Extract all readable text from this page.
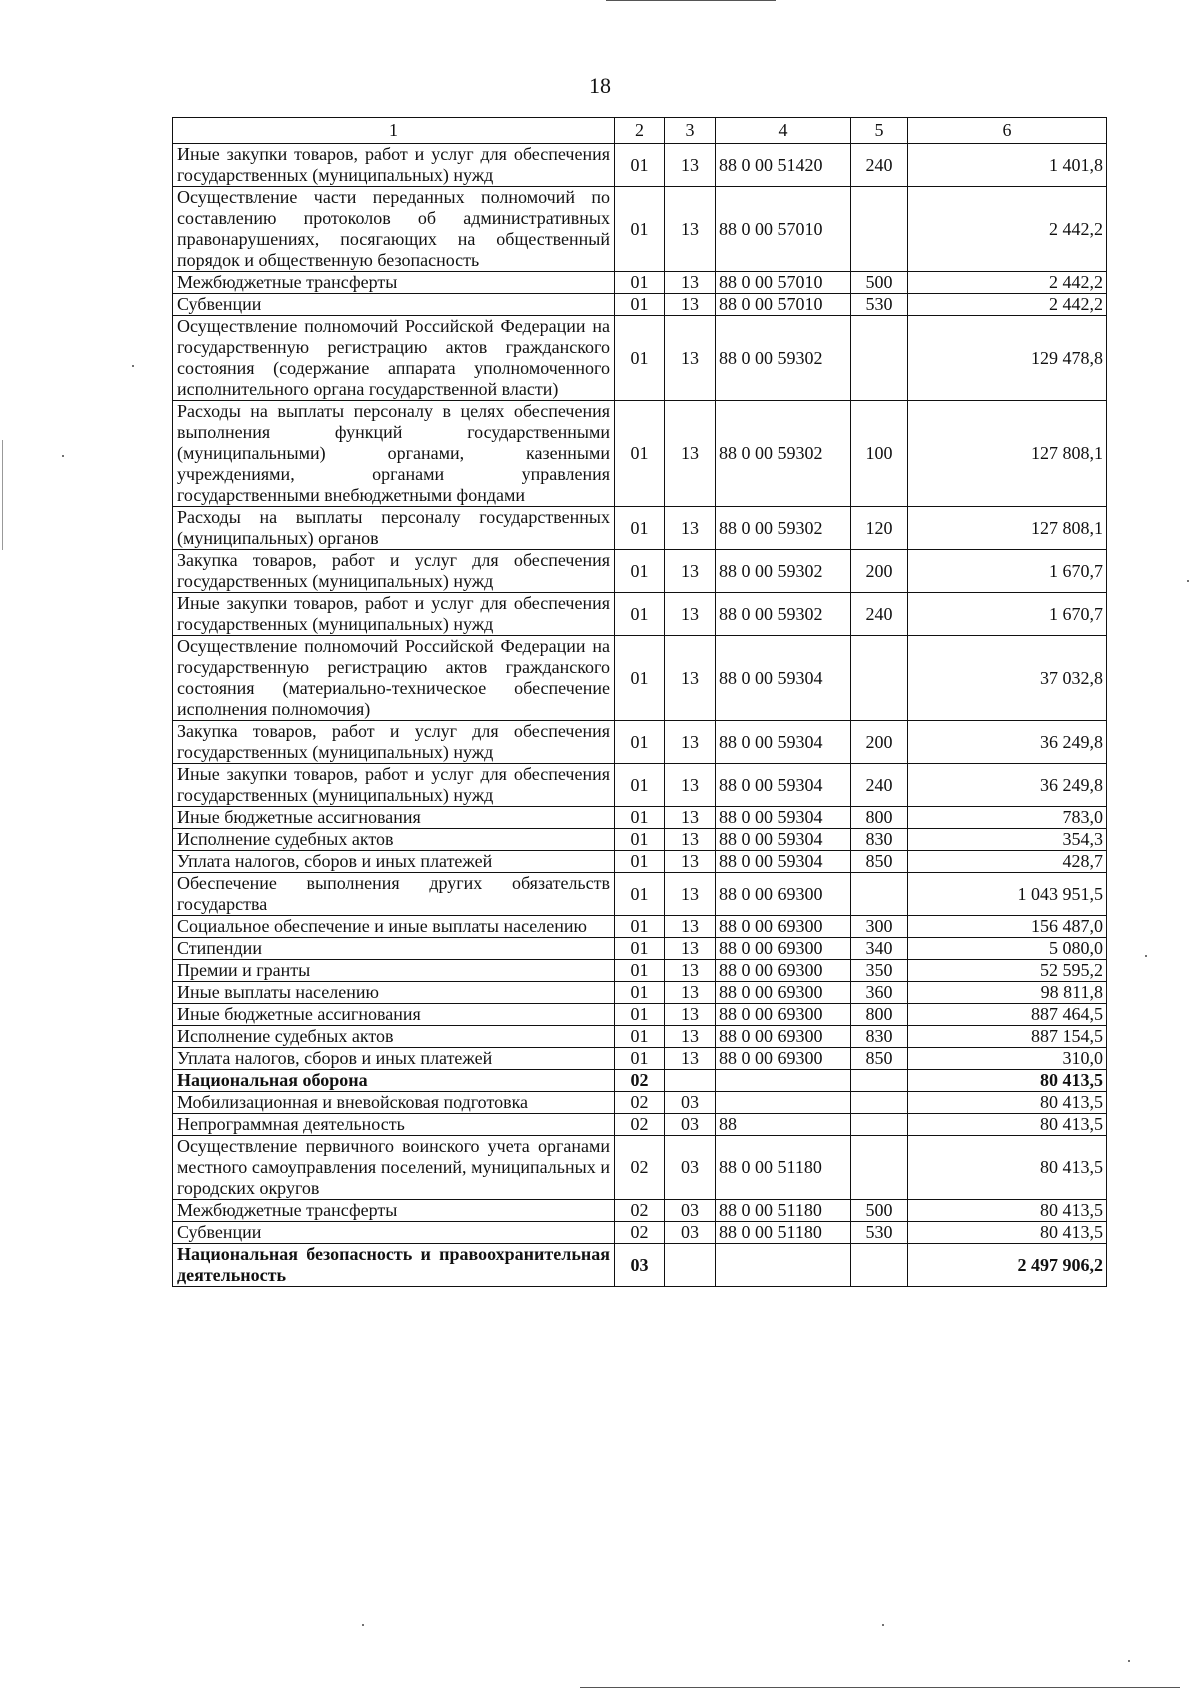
18
1	2	3	4	5	6
Иные закупки товаров, работ и услуг для обеспечения государственных (муниципальных) нужд	01	13	88 0 00 51420	240	1 401,8
Осуществление части переданных полномочий по составлению протоколов об административных правонарушениях, посягающих на общественный порядок и общественную безопасность	01	13	88 0 00 57010		2 442,2
Межбюджетные трансферты	01	13	88 0 00 57010	500	2 442,2
Субвенции	01	13	88 0 00 57010	530	2 442,2
Осуществление полномочий Российской Федерации на государственную регистрацию актов гражданского состояния (содержание аппарата уполномоченного исполнительного органа государственной власти)	01	13	88 0 00 59302		129 478,8
Расходы на выплаты персоналу в целях обеспечения выполнения функций государственными (муниципальными) органами, казенными учреждениями, органами управления государственными внебюджетными фондами	01	13	88 0 00 59302	100	127 808,1
Расходы на выплаты персоналу государственных (муниципальных) органов	01	13	88 0 00 59302	120	127 808,1
Закупка товаров, работ и услуг для обеспечения государственных (муниципальных) нужд	01	13	88 0 00 59302	200	1 670,7
Иные закупки товаров, работ и услуг для обеспечения государственных (муниципальных) нужд	01	13	88 0 00 59302	240	1 670,7
Осуществление полномочий Российской Федерации на государственную регистрацию актов гражданского состояния (материально-техническое обеспечение исполнения полномочия)	01	13	88 0 00 59304		37 032,8
Закупка товаров, работ и услуг для обеспечения государственных (муниципальных) нужд	01	13	88 0 00 59304	200	36 249,8
Иные закупки товаров, работ и услуг для обеспечения государственных (муниципальных) нужд	01	13	88 0 00 59304	240	36 249,8
Иные бюджетные ассигнования	01	13	88 0 00 59304	800	783,0
Исполнение судебных актов	01	13	88 0 00 59304	830	354,3
Уплата налогов, сборов и иных платежей	01	13	88 0 00 59304	850	428,7
Обеспечение выполнения других обязательств государства	01	13	88 0 00 69300		1 043 951,5
Социальное обеспечение и иные выплаты населению	01	13	88 0 00 69300	300	156 487,0
Стипендии	01	13	88 0 00 69300	340	5 080,0
Премии и гранты	01	13	88 0 00 69300	350	52 595,2
Иные выплаты населению	01	13	88 0 00 69300	360	98 811,8
Иные бюджетные ассигнования	01	13	88 0 00 69300	800	887 464,5
Исполнение судебных актов	01	13	88 0 00 69300	830	887 154,5
Уплата налогов, сборов и иных платежей	01	13	88 0 00 69300	850	310,0
Национальная оборона	02				80 413,5
Мобилизационная и вневойсковая подготовка	02	03			80 413,5
Непрограммная деятельность	02	03	88		80 413,5
Осуществление первичного воинского учета органами местного самоуправления поселений, муниципальных и городских округов	02	03	88 0 00 51180		80 413,5
Межбюджетные трансферты	02	03	88 0 00 51180	500	80 413,5
Субвенции	02	03	88 0 00 51180	530	80 413,5
Национальная безопасность и правоохранительная деятельность	03				2 497 906,2
